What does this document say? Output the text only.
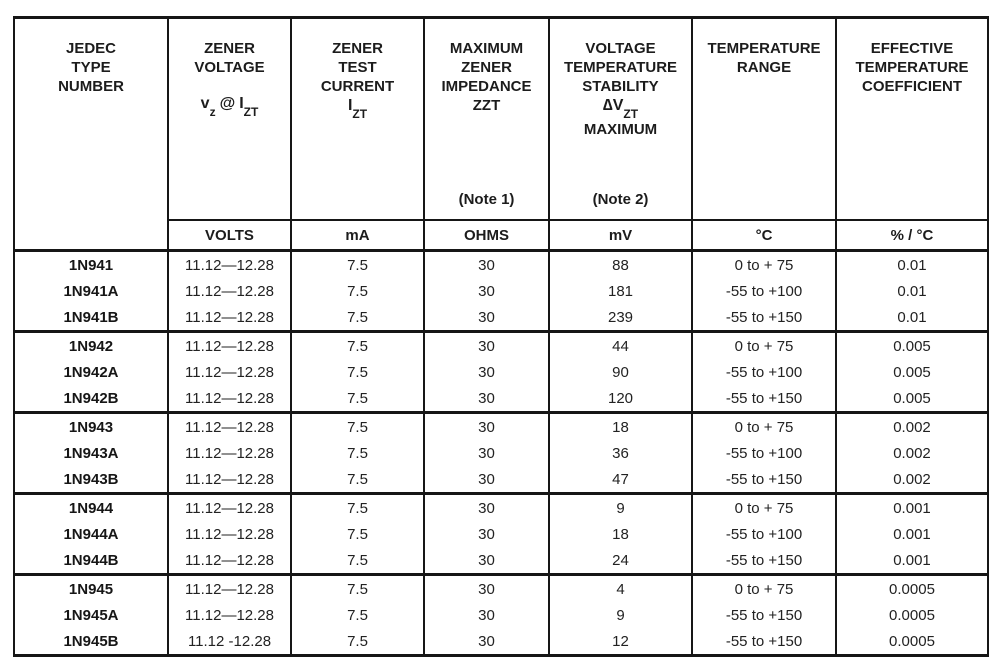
JEDEC
TYPE
NUMBER

ZENER
VOLTAGE
$v_z@$ $I_{ZT}$

ZENER
TEST
CURRENT
$I_{ZT}$

MAXIMUM
ZENER
IMPEDANCE
ZZT
(Note 1)

VOLTAGE
TEMPERATURE
STABILITY
$\Delta V_{ZT}$
MAXIMUM
(Note 2)

TEMPERATURE
RANGE

EFFECTIVE
TEMPERATURE
COEFFICIENT

	VOLTS	mA	OHMS	mV	°C	% / °C
1N941	11.12—12.28	7.5	30	88	0 to + 75	0.01
1N941A	11.12—12.28	7.5	30	181	-55 to +100	0.01
1N941B	11.12—12.28	7.5	30	239	-55 to +150	0.01
1N942	11.12—12.28	7.5	30	44	0 to + 75	0.005
1N942A	11.12—12.28	7.5	30	90	-55 to +100	0.005
1N942B	11.12—12.28	7.5	30	120	-55 to +150	0.005
1N943	11.12—12.28	7.5	30	18	0 to + 75	0.002
1N943A	11.12—12.28	7.5	30	36	-55 to +100	0.002
1N943B	11.12—12.28	7.5	30	47	-55 to +150	0.002
1N944	11.12—12.28	7.5	30	9	0 to + 75	0.001
1N944A	11.12—12.28	7.5	30	18	-55 to +100	0.001
1N944B	11.12—12.28	7.5	30	24	-55 to +150	0.001
1N945	11.12—12.28	7.5	30	4	0 to + 75	0.0005
1N945A	11.12—12.28	7.5	30	9	-55 to +150	0.0005
1N945B	11.12 -12.28	7.5	30	12	-55 to +150	0.0005
